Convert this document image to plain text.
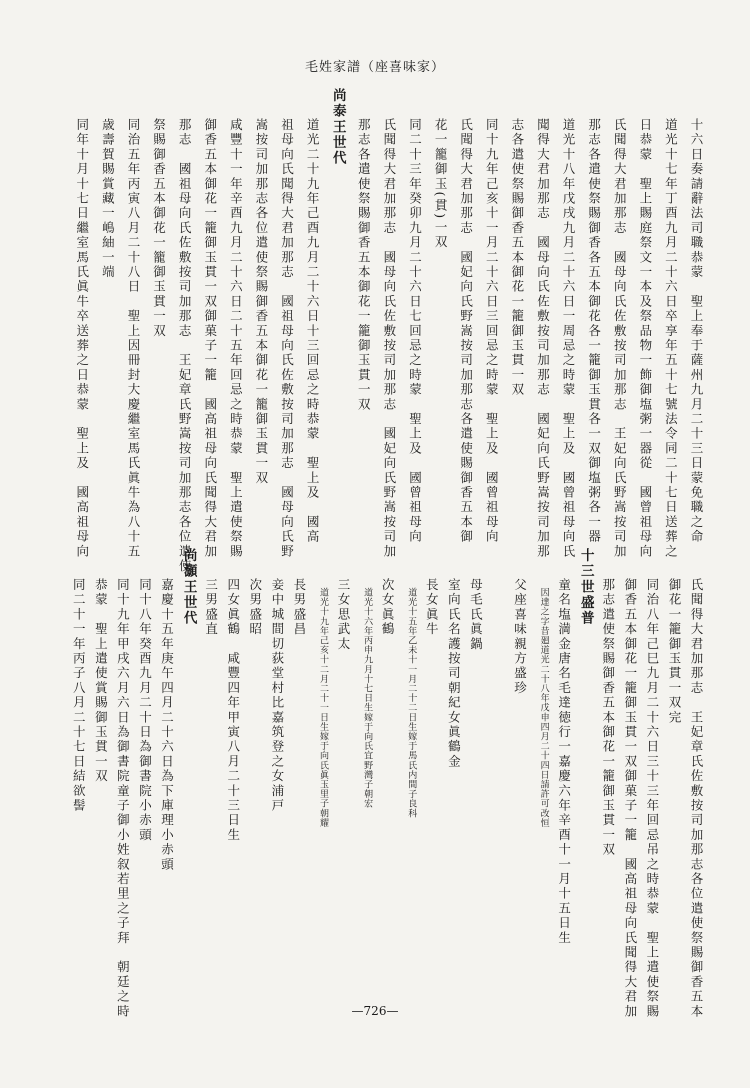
毛姓家譜（座喜味家）
十六日奏請辭法司職恭蒙　聖上奉于薩州九月二十三日蒙免職之命
道光十七年丁酉九月二十六日卒享年五十七號法令同二十七日送葬之
日恭蒙　聖上賜庭祭文一本及祭品物一飾御塩粥一器從　國曾祖母向
氏聞得大君加那志　國母向氏佐敷按司加那志　王妃向氏野嵩按司加
那志各遣使祭賜御香各五本御花各一籠御玉貫各一双御塩粥各一器
道光十八年戊戌九月二十六日一周忌之時蒙　聖上及　國曾祖母向氏
聞得大君加那志　國母向氏佐敷按司加那志　國妃向氏野嵩按司加那
志各遣使祭賜御香五本御花一籠御玉貫一双
同十九年己亥十一月二十六日三回忌之時蒙　聖上及　國曾祖母向
氏聞得大君加那志　國妃向氏野嵩按司加那志各遣使賜御香五本御
花一籠御玉(貫)一双
同二十三年癸卯九月二十六日七回忌之時蒙　聖上及　國曾祖母向
氏聞得大君加那志　國母向氏佐敷按司加那志　國妃向氏野嵩按司加
那志各遣使祭賜御香五本御花一籠御玉貫一双
尚泰王世代
道光二十九年己酉九月二十六日十三回忌之時恭蒙　聖上及　國高
祖母向氏聞得大君加那志　國祖母向氏佐敷按司加那志　國母向氏野
嵩按司加那志各位遣使祭賜御香五本御花一籠御玉貫一双
咸豐十一年辛酉九月二十六日二十五年回忌之時恭蒙　聖上遣使祭賜
御香五本御花一籠御玉貫一双御菓子一籠　國高祖母向氏聞得大君加
那志　國祖母向氏佐敷按司加那志　王妃章氏野嵩按司加那志各位遣使
祭賜御香五本御花一籠御玉貫一双
同治五年丙寅八月二十八日　聖上因冊封大慶繼室馬氏眞牛為八十五
歳壽賀賜賞藏一嶋紬一端
同年十月十七日繼室馬氏眞牛卒送葬之日恭蒙　聖上及　國高祖母向
氏聞得大君加那志　王妃章氏佐敷按司加那志各位遣使祭賜御香五本
御花一籠御玉貫一双完
同治八年己巳九月二十六日三十三年回忌吊之時恭蒙　聖上遣使祭賜
御香五本御花一籠御玉貫一双御菓子一籠　國高祖母向氏聞得大君加
那志遣使祭賜御香五本御花一籠御玉貫一双
十三世盛普
童名塩満金唐名毛達徳行一嘉慶六年辛酉十一月十五日生
　因達之字昔廻道光二十八年戊申四月二十四日請許可改恒
父座喜味親方盛珍
母毛氏眞鍋
室向氏名護按司朝紀女眞鶴金
長女眞牛
　道光十五年乙未十一月二十二日生嫁于馬氏内間子良科
次女眞鶴
　道光十六年丙申九月十七日生嫁于向氏宜野灣子朝宏
三女思武太
　道光十九年己亥十二月二十一日生嫁于向氏眞玉里子朝耀
長男盛昌
妾中城間切荻堂村比嘉筑登之女浦戸
次男盛昭
四女眞鶴　咸豐四年甲寅八月二十三日生
三男盛直
尚灝王世代
嘉慶十五年庚午四月二十六日為下庫理小赤頭
同十八年癸酉九月二十日為御書院小赤頭
同十九年甲戌六月六日為御書院童子御小姓叙若里之子拜　朝廷之時
恭蒙　聖上遣使賞賜御玉貫一双
同二十一年丙子八月二十七日結欲髻
—726—
